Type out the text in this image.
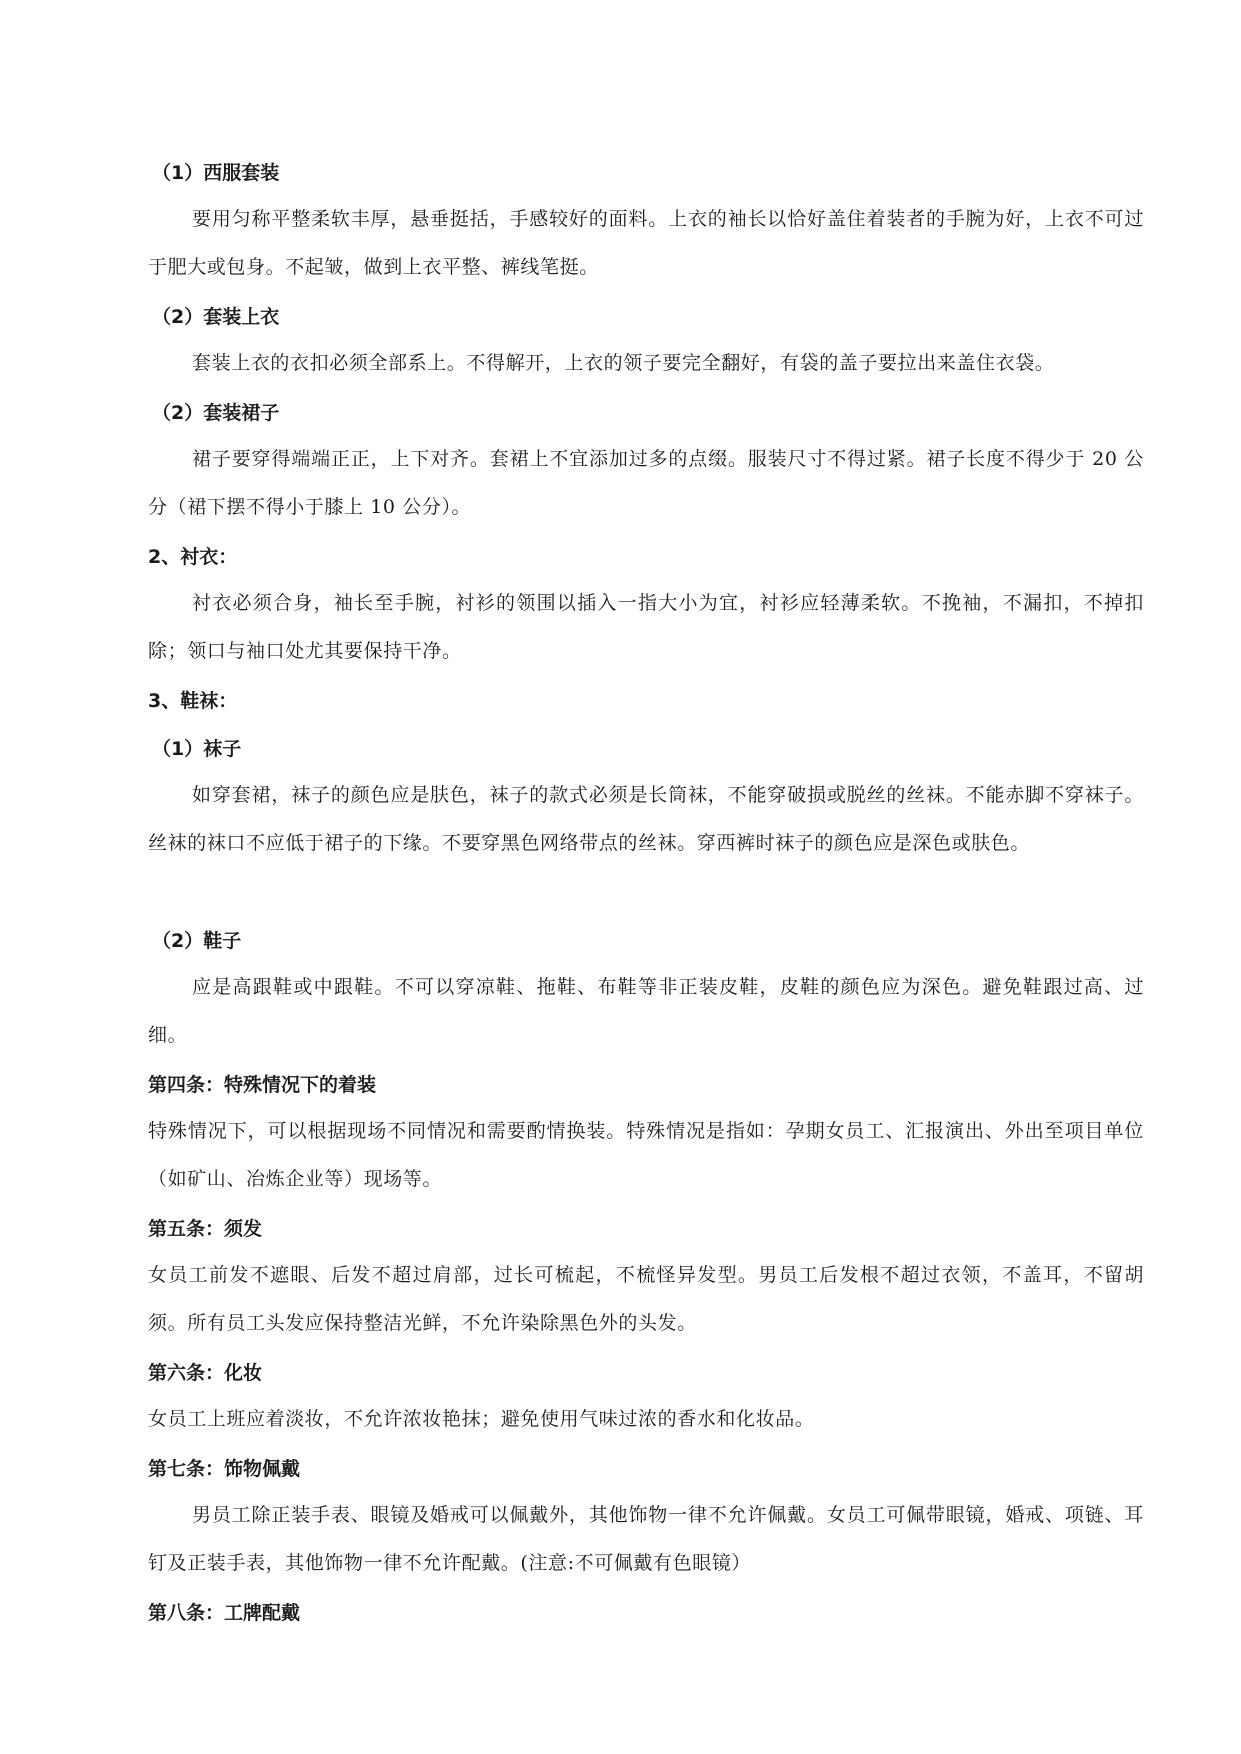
（1）西服套装

要用匀称平整柔软丰厚，悬垂挺括，手感较好的面料。上衣的袖长以恰好盖住着装者的手腕为好，上衣不可过于肥大或包身。不起皱，做到上衣平整、裤线笔挺。

（2）套装上衣

套装上衣的衣扣必须全部系上。不得解开，上衣的领子要完全翻好，有袋的盖子要拉出来盖住衣袋。

（2）套装裙子

裙子要穿得端端正正，上下对齐。套裙上不宜添加过多的点缀。服装尺寸不得过紧。裙子长度不得少于 20 公分（裙下摆不得小于膝上 10 公分）。

2、衬衣：

衬衣必须合身，袖长至手腕，衬衫的领围以插入一指大小为宜，衬衫应轻薄柔软。不挽袖，不漏扣，不掉扣除；领口与袖口处尤其要保持干净。

3、鞋袜：
（1）袜子

如穿套裙，袜子的颜色应是肤色，袜子的款式必须是长筒袜，不能穿破损或脱丝的丝袜。不能赤脚不穿袜子。丝袜的袜口不应低于裙子的下缘。不要穿黑色网络带点的丝袜。穿西裤时袜子的颜色应是深色或肤色。

（2）鞋子

应是高跟鞋或中跟鞋。不可以穿凉鞋、拖鞋、布鞋等非正装皮鞋，皮鞋的颜色应为深色。避免鞋跟过高、过细。

第四条：特殊情况下的着装

特殊情况下，可以根据现场不同情况和需要酌情换装。特殊情况是指如：孕期女员工、汇报演出、外出至项目单位（如矿山、冶炼企业等）现场等。

第五条：须发

女员工前发不遮眼、后发不超过肩部，过长可梳起，不梳怪异发型。男员工后发根不超过衣领，不盖耳，不留胡须。所有员工头发应保持整洁光鲜，不允许染除黑色外的头发。

第六条：化妆

女员工上班应着淡妆，不允许浓妆艳抹；避免使用气味过浓的香水和化妆品。

第七条：饰物佩戴

男员工除正装手表、眼镜及婚戒可以佩戴外，其他饰物一律不允许佩戴。女员工可佩带眼镜，婚戒、项链、耳钉及正装手表，其他饰物一律不允许配戴。(注意:不可佩戴有色眼镜）

第八条：工牌配戴
